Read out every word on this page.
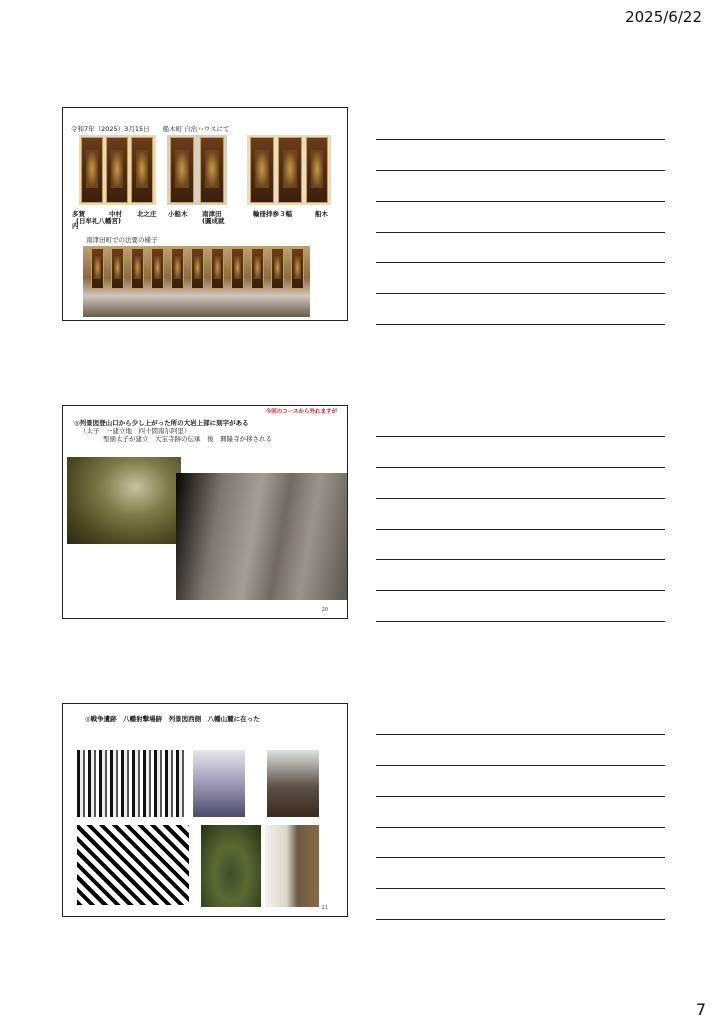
2025/6/22
令和7年（2025）3月15日　　船木町 自治ハウスにて
多賀	中村 北之庄 小船木 南津田	輪冊拝参３幅	船木
(日牟礼八幡宮)	(圓成就
内
南津田町での法要の様子
今回のコースから外れますが
◎列景図登山口から少し上がった所の大岩上部に刻字がある
（太子　一建立地　四十間南尓阿里）
聖徳太子が建立　大宝寺跡の伝承　後　興隆寺が移される
20
◎戦争遺跡　八幡射撃場跡　列景図西側　八幡山麓に在った
21
7
